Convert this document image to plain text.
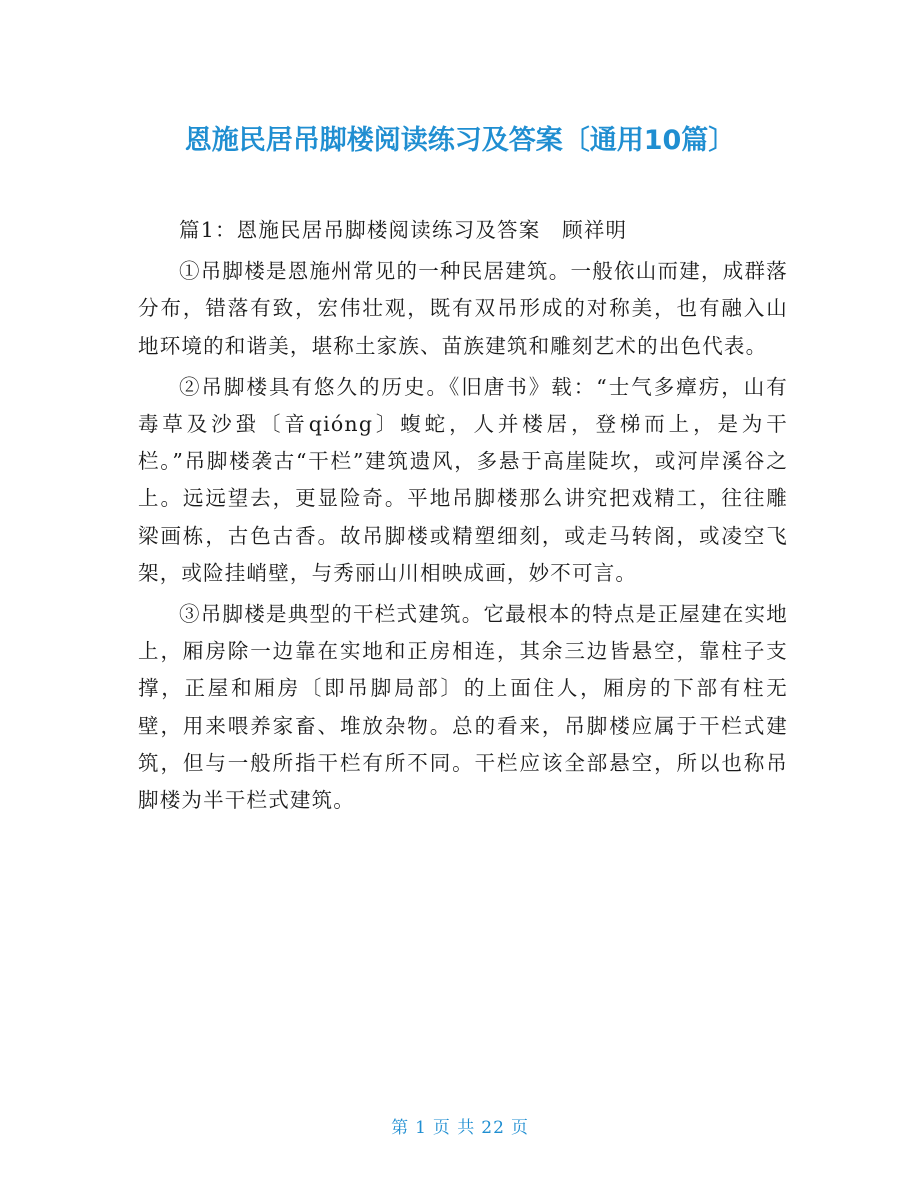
恩施民居吊脚楼阅读练习及答案〔通用10篇〕

篇1：恩施民居吊脚楼阅读练习及答案　顾祥明

①吊脚楼是恩施州常见的一种民居建筑。一般依山而建，成群落分布，错落有致，宏伟壮观，既有双吊形成的对称美，也有融入山地环境的和谐美，堪称土家族、苗族建筑和雕刻艺术的出色代表。

②吊脚楼具有悠久的历史。《旧唐书》载：“士气多瘴疠，山有毒草及沙蛩〔音qióng〕蝮蛇，人并楼居，登梯而上，是为干栏。”吊脚楼袭古“干栏”建筑遗风，多悬于高崖陡坎，或河岸溪谷之上。远远望去，更显险奇。平地吊脚楼那么讲究把戏精工，往往雕梁画栋，古色古香。故吊脚楼或精塑细刻，或走马转阁，或凌空飞架，或险挂峭壁，与秀丽山川相映成画，妙不可言。

③吊脚楼是典型的干栏式建筑。它最根本的特点是正屋建在实地上，厢房除一边靠在实地和正房相连，其余三边皆悬空，靠柱子支撑，正屋和厢房〔即吊脚局部〕的上面住人，厢房的下部有柱无壁，用来喂养家畜、堆放杂物。总的看来，吊脚楼应属于干栏式建筑，但与一般所指干栏有所不同。干栏应该全部悬空，所以也称吊脚楼为半干栏式建筑。

第 1 页 共 22 页
